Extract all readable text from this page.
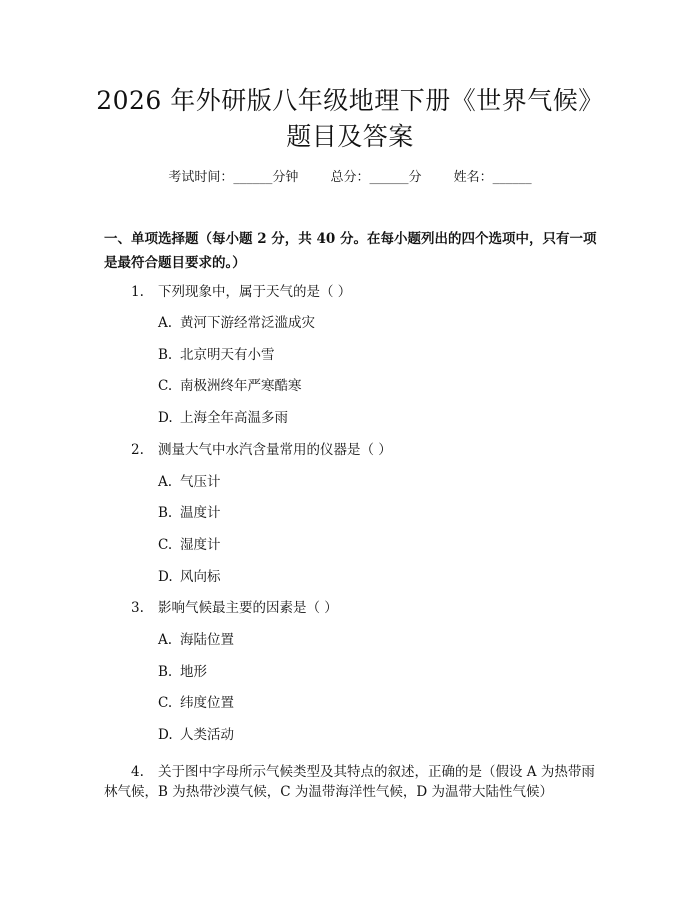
2026 年外研版八年级地理下册《世界气候》
题目及答案
考试时间：______分钟 总分：______分 姓名：______
一、单项选择题（每小题 2 分，共 40 分。在每小题列出的四个选项中，只有一项
是最符合题目要求的。）
1. 下列现象中，属于天气的是（ ）
A. 黄河下游经常泛滥成灾
B. 北京明天有小雪
C. 南极洲终年严寒酷寒
D. 上海全年高温多雨
2. 测量大气中水汽含量常用的仪器是（ ）
A. 气压计
B. 温度计
C. 湿度计
D. 风向标
3. 影响气候最主要的因素是（ ）
A. 海陆位置
B. 地形
C. 纬度位置
D. 人类活动
4. 关于图中字母所示气候类型及其特点的叙述，正确的是（假设 A 为热带雨
林气候，B 为热带沙漠气候，C 为温带海洋性气候，D 为温带大陆性气候）
